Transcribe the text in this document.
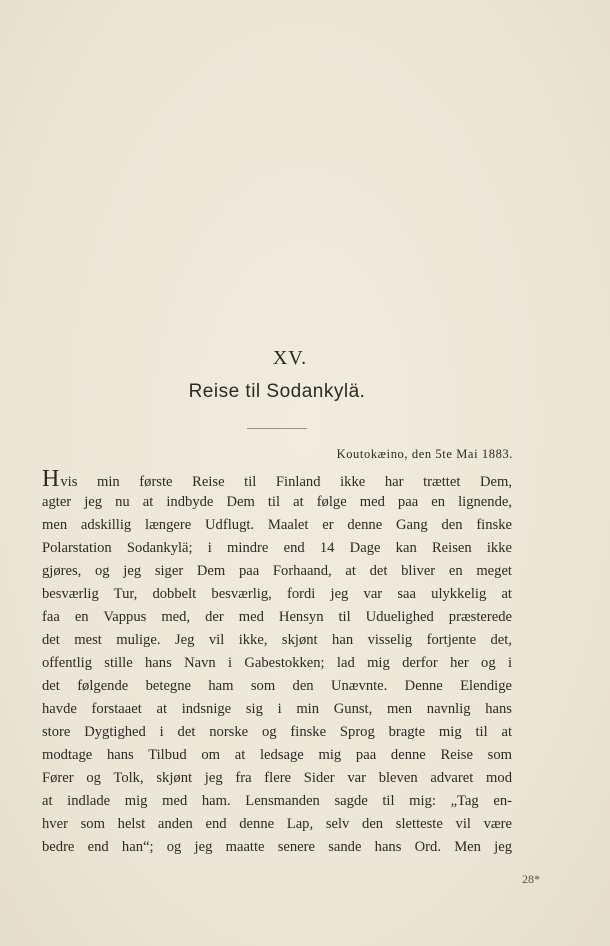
XV.
Reise til Sodankylä.
Koutokæino, den 5te Mai 1883.
H vis min første Reise til Finland ikke har trættet Dem,
agter jeg nu at indbyde Dem til at følge med paa en lignende,
men adskillig længere Udflugt. Maalet er denne Gang den finske
Polarstation Sodankylä; i mindre end 14 Dage kan Reisen ikke
gjøres, og jeg siger Dem paa Forhaand, at det bliver en meget
besværlig Tur, dobbelt besværlig, fordi jeg var saa ulykkelig at
faa en Vappus med, der med Hensyn til Uduelighed præsterede
det mest mulige. Jeg vil ikke, skjønt han visselig fortjente det,
offentlig stille hans Navn i Gabestokken; lad mig derfor her og i
det følgende betegne ham som den Unævnte. Denne Elendige
havde forstaaet at indsnige sig i min Gunst, men navnlig hans
store Dygtighed i det norske og finske Sprog bragte mig til at
modtage hans Tilbud om at ledsage mig paa denne Reise som
Fører og Tolk, skjønt jeg fra flere Sider var bleven advaret mod
at indlade mig med ham. Lensmanden sagde til mig: „Tag en-
hver som helst anden end denne Lap, selv den sletteste vil være
bedre end han“; og jeg maatte senere sande hans Ord. Men jeg
28*
